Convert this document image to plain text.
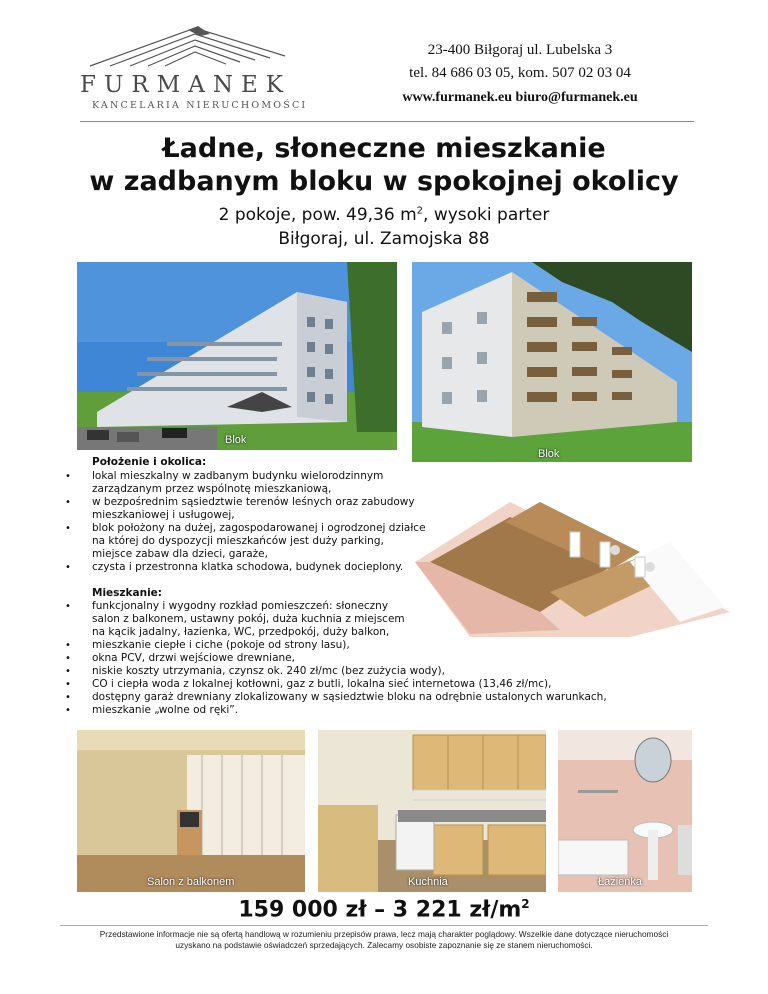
FURMANEK
KANCELARIA NIERUCHOMOŚCI
23-400 Biłgoraj ul. Lubelska 3
tel. 84 686 03 05, kom. 507 02 03 04
www.furmanek.eu biuro@furmanek.eu
Ładne, słoneczne mieszkanie
w zadbanym bloku w spokojnej okolicy
2 pokoje, pow. 49,36 $m^2$, wysoki parter
Biłgoraj, ul. Zamojska 88
Blok
Blok
Położenie i okolica:
• lokal mieszkalny w zadbanym budynku wielorodzinnym
zarządzanym przez wspólnotę mieszkaniową,
• w bezpośrednim sąsiedztwie terenów leśnych oraz zabudowy
mieszkaniowej i usługowej,
• blok położony na dużej, zagospodarowanej i ogrodzonej działce
na której do dyspozycji mieszkańców jest duży parking,
miejsce zabaw dla dzieci, garaże,
• czysta i przestronna klatka schodowa, budynek docieplony.
Mieszkanie:
• funkcjonalny i wygodny rozkład pomieszczeń: słoneczny
salon z balkonem, ustawny pokój, duża kuchnia z miejscem
na kącik jadalny, łazienka, WC, przedpokój, duży balkon,
• mieszkanie ciepłe i ciche (pokoje od strony lasu),
• okna PCV, drzwi wejściowe drewniane,
• niskie koszty utrzymania, czynsz ok. 240 zł/mc (bez zużycia wody),
• CO i ciepła woda z lokalnej kotłowni, gaz z butli, lokalna sieć internetowa (13,46 zł/mc),
• dostępny garaż drewniany zlokalizowany w sąsiedztwie bloku na odrębnie ustalonych warunkach,
• mieszkanie „wolne od ręki”.
Salon z balkonem	Kuchnia	Łazienka
159 000 zł – 3 221 $zł/m^2$
Przedstawione informacje nie są ofertą handlową w rozumieniu przepisów prawa, lecz mają charakter poglądowy. Wszelkie dane dotyczące nieruchomości
uzyskano na podstawie oświadczeń sprzedających. Zalecamy osobiste zapoznanie się ze stanem nieruchomości.
